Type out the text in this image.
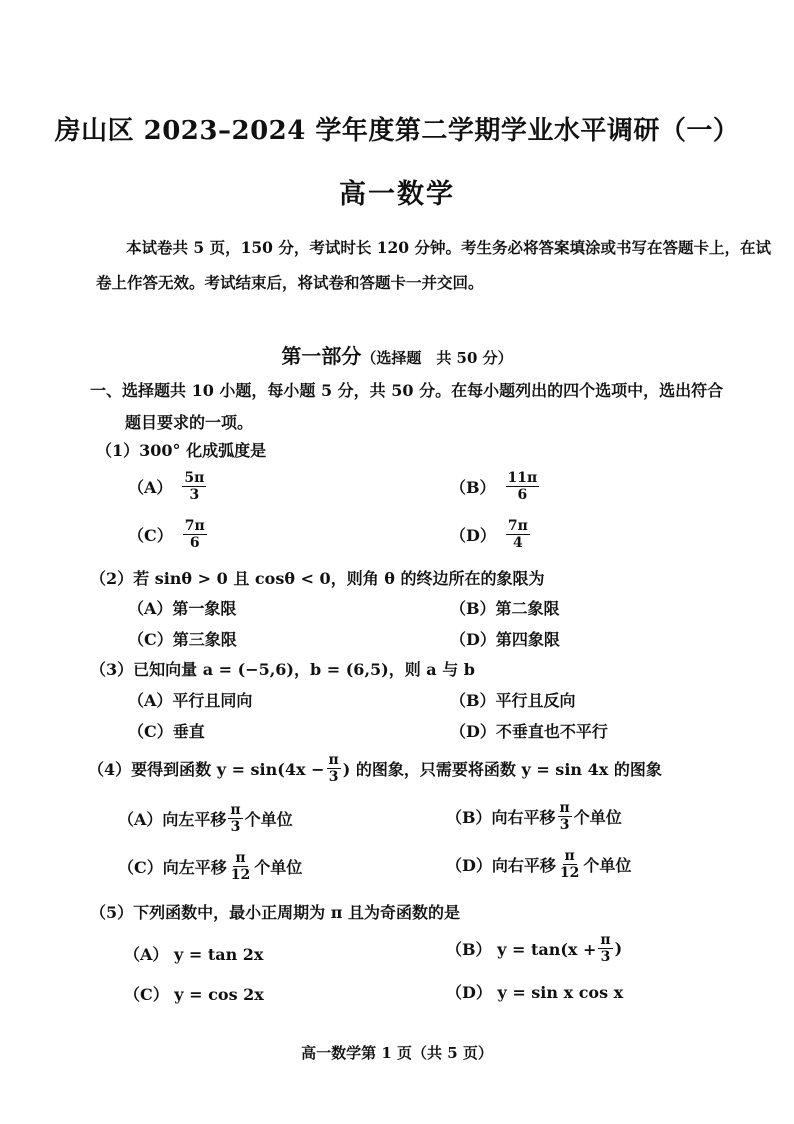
房山区 2023–2024 学年度第二学期学业水平调研（一）
高一数学
本试卷共 5 页，150 分，考试时长 120 分钟。考生务必将答案填涂或书写在答题卡上，在试卷上作答无效。考试结束后，将试卷和答题卡一并交回。
第一部分（选择题　共 50 分）
一、选择题共 10 小题，每小题 5 分，共 50 分。在每小题列出的四个选项中，选出符合
题目要求的一项。
（1）300° 化成弧度是
$(A) \frac{5\pi}{3}$	$(B) \frac{11\pi}{6}$
$(C) \frac{7\pi}{6}$	$(D) \frac{7\pi}{4}$
（2）若 sinθ > 0 且 cosθ < 0，则角 θ 的终边所在的象限为
（A）第一象限	（B）第二象限
（C）第三象限	（D）第四象限
（3）已知向量 a = (−5,6)，b = (6,5)，则 a 与 b
（A）平行且同向	（B）平行且反向
（C）垂直	（D）不垂直也不平行
（4）要得到函数 $y = \sin(4x - \frac{\pi}{3}$ ) 的图象，只需要将函数 y = sin 4x 的图象
（A）向左平移 $\frac{\pi}{3}$ 个单位	（B）向右平移 $\frac{\pi}{3}$ 个单位
（C）向左平移 $\frac{\pi}{12}$ 个单位	（D）向右平移 $\frac{\pi}{12}$ 个单位
（5）下列函数中，最小正周期为 π 且为奇函数的是
（A） y = tan 2x	（B） $y = \tan(x + \frac{\pi}{3}$ )
（C） y = cos 2x	（D） y = sin x cos x
高一数学第 1 页（共 5 页）
